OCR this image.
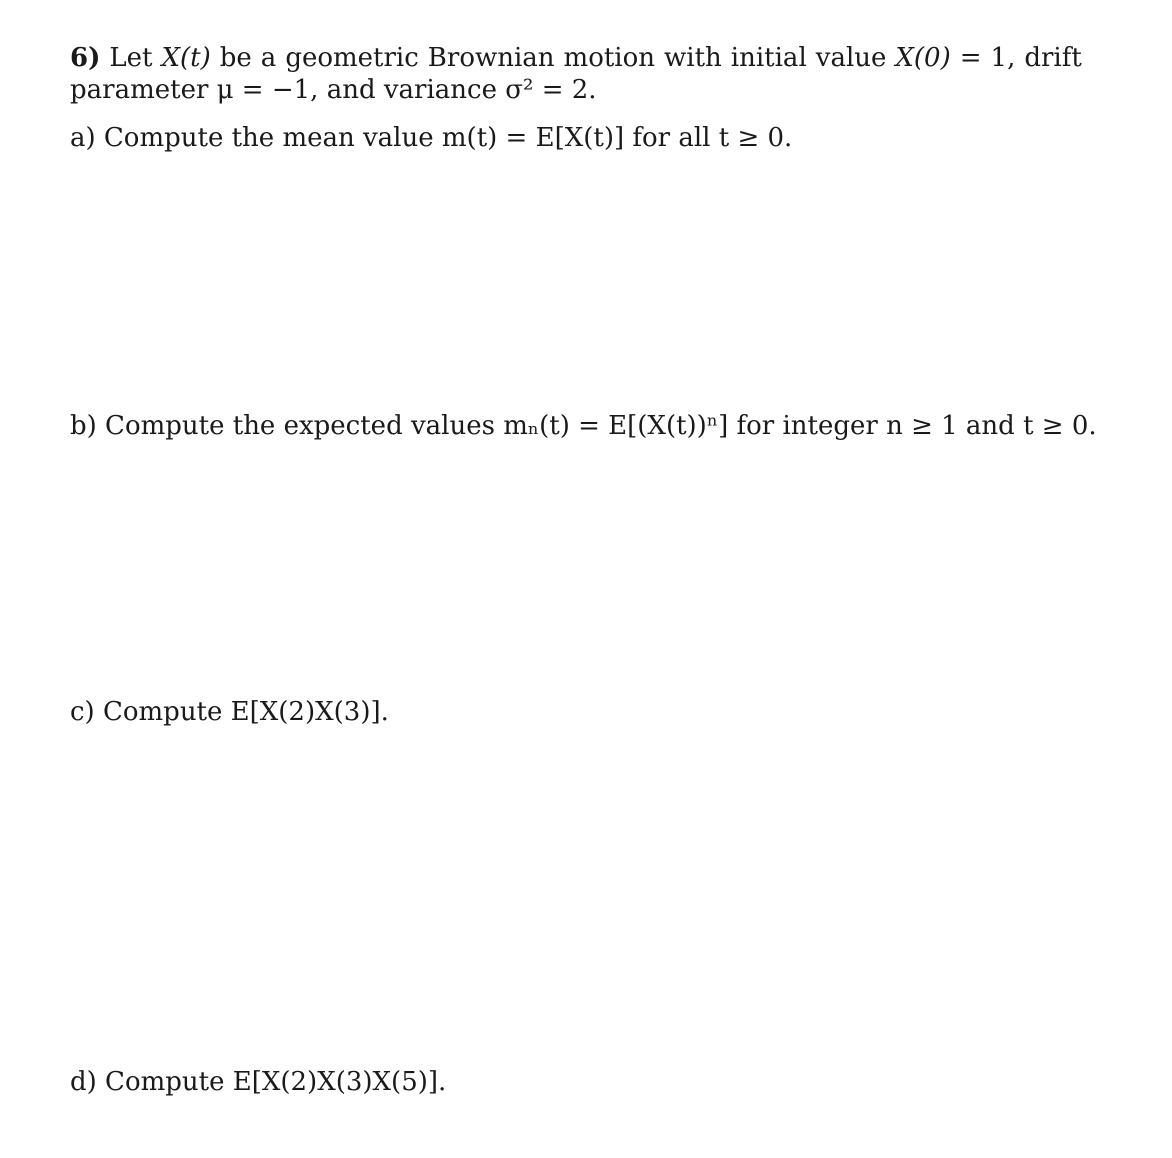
6) Let X(t) be a geometric Brownian motion with initial value X(0) = 1, drift
parameter μ = −1, and variance σ² = 2.
a) Compute the mean value m(t) = E[X(t)] for all t ≥ 0.
b) Compute the expected values mₙ(t) = E[(X(t))ⁿ] for integer n ≥ 1 and t ≥ 0.
c) Compute E[X(2)X(3)].
d) Compute E[X(2)X(3)X(5)].
